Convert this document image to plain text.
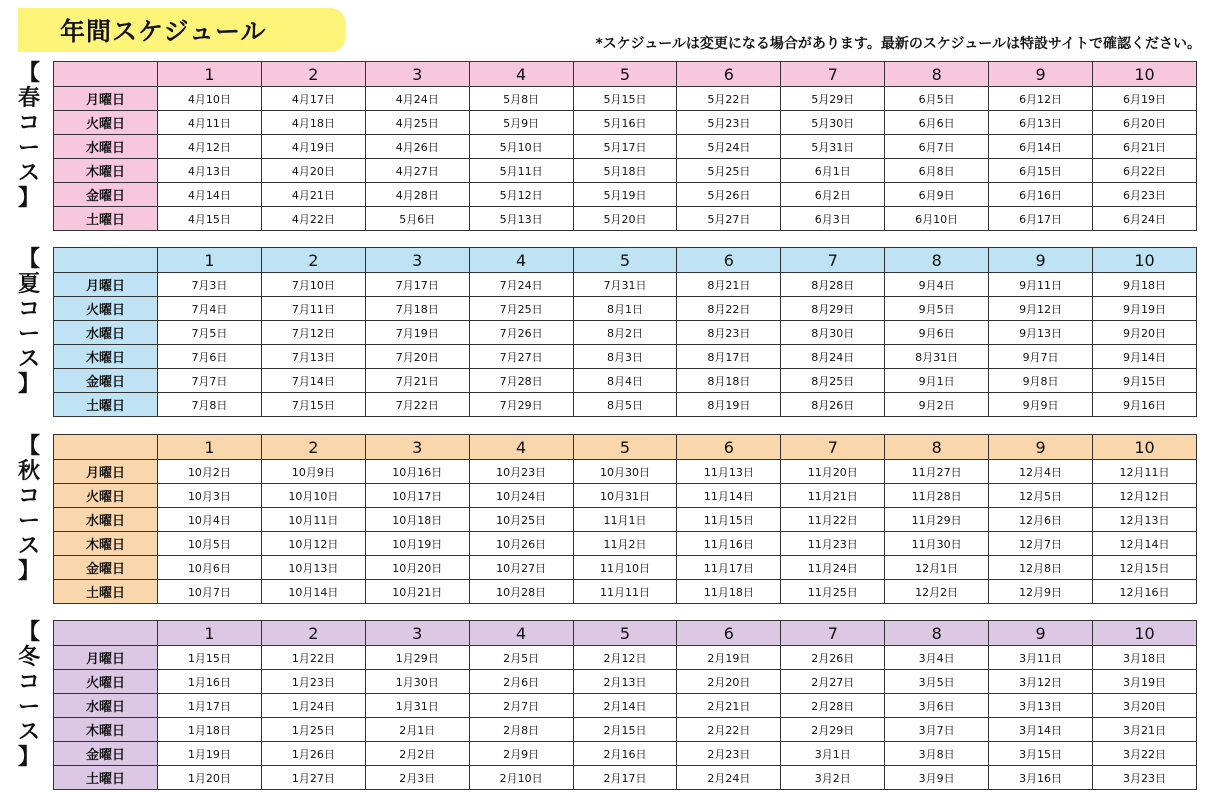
年間スケジュール	*スケジュールは変更になる場合があります。最新のスケジュールは特設サイトで確認ください。
【
春
コ
ー
ス
】
	1	2	3	4	5	6	7	8	9	10
月曜日	4月10日	4月17日	4月24日	5月8日	5月15日	5月22日	5月29日	6月5日	6月12日	6月19日
火曜日	4月11日	4月18日	4月25日	5月9日	5月16日	5月23日	5月30日	6月6日	6月13日	6月20日
水曜日	4月12日	4月19日	4月26日	5月10日	5月17日	5月24日	5月31日	6月7日	6月14日	6月21日
木曜日	4月13日	4月20日	4月27日	5月11日	5月18日	5月25日	6月1日	6月8日	6月15日	6月22日
金曜日	4月14日	4月21日	4月28日	5月12日	5月19日	5月26日	6月2日	6月9日	6月16日	6月23日
土曜日	4月15日	4月22日	5月6日	5月13日	5月20日	5月27日	6月3日	6月10日	6月17日	6月24日
【
夏
コ
ー
ス
】
	1	2	3	4	5	6	7	8	9	10
月曜日	7月3日	7月10日	7月17日	7月24日	7月31日	8月21日	8月28日	9月4日	9月11日	9月18日
火曜日	7月4日	7月11日	7月18日	7月25日	8月1日	8月22日	8月29日	9月5日	9月12日	9月19日
水曜日	7月5日	7月12日	7月19日	7月26日	8月2日	8月23日	8月30日	9月6日	9月13日	9月20日
木曜日	7月6日	7月13日	7月20日	7月27日	8月3日	8月17日	8月24日	8月31日	9月7日	9月14日
金曜日	7月7日	7月14日	7月21日	7月28日	8月4日	8月18日	8月25日	9月1日	9月8日	9月15日
土曜日	7月8日	7月15日	7月22日	7月29日	8月5日	8月19日	8月26日	9月2日	9月9日	9月16日
【
秋
コ
ー
ス
】
	1	2	3	4	5	6	7	8	9	10
月曜日	10月2日	10月9日	10月16日	10月23日	10月30日	11月13日	11月20日	11月27日	12月4日	12月11日
火曜日	10月3日	10月10日	10月17日	10月24日	10月31日	11月14日	11月21日	11月28日	12月5日	12月12日
水曜日	10月4日	10月11日	10月18日	10月25日	11月1日	11月15日	11月22日	11月29日	12月6日	12月13日
木曜日	10月5日	10月12日	10月19日	10月26日	11月2日	11月16日	11月23日	11月30日	12月7日	12月14日
金曜日	10月6日	10月13日	10月20日	10月27日	11月10日	11月17日	11月24日	12月1日	12月8日	12月15日
土曜日	10月7日	10月14日	10月21日	10月28日	11月11日	11月18日	11月25日	12月2日	12月9日	12月16日
【
冬
コ
ー
ス
】
	1	2	3	4	5	6	7	8	9	10
月曜日	1月15日	1月22日	1月29日	2月5日	2月12日	2月19日	2月26日	3月4日	3月11日	3月18日
火曜日	1月16日	1月23日	1月30日	2月6日	2月13日	2月20日	2月27日	3月5日	3月12日	3月19日
水曜日	1月17日	1月24日	1月31日	2月7日	2月14日	2月21日	2月28日	3月6日	3月13日	3月20日
木曜日	1月18日	1月25日	2月1日	2月8日	2月15日	2月22日	2月29日	3月7日	3月14日	3月21日
金曜日	1月19日	1月26日	2月2日	2月9日	2月16日	2月23日	3月1日	3月8日	3月15日	3月22日
土曜日	1月20日	1月27日	2月3日	2月10日	2月17日	2月24日	3月2日	3月9日	3月16日	3月23日
